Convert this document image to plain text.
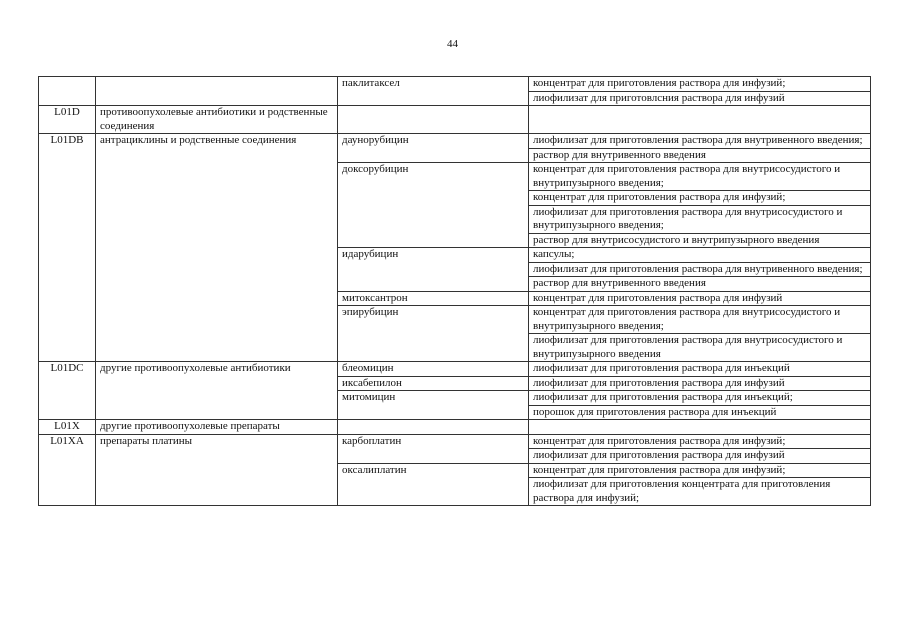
44
		паклитаксел	концентрат для приготовления раствора для инфузий;
			лиофилизат для приготовлсния раствора для инфузий
L01D	противоопухолевые антибиотики и родственные соединения		
L01DB	антрациклины и родственные соединения	даунорубицин	лиофилизат для приготовления раствора для внутривенного введения;
			раствор для внутривенного введения
		доксорубицин	концентрат для приготовления раствора для внутрисосудистого и внутрипузырного введения;
			концентрат для приготовления раствора для инфузий;
			лиофилизат для приготовления раствора для внутрисосудистого и внутрипузырного введения;
			раствор для внутрисосудистого и внутрипузырного введения
		идарубицин	капсулы;
			лиофилизат для приготовления раствора для внутривенного введения;
			раствор для внутривенного введения
		митоксантрон	концентрат для приготовления раствора для инфузий
		эпирубицин	концентрат для приготовления раствора для внутрисосудистого и внутрипузырного введения;
			лиофилизат для приготовления раствора для внутрисосудистого и внутрипузырного введения
L01DC	другие противоопухолевые антибиотики	блеомицин	лиофилизат для приготовления раствора для инъекций
		иксабепилон	лиофилизат для приготовления раствора для инфузий
		митомицин	лиофилизат для приготовления раствора для инъекций;
			порошок для приготовления раствора для инъекций
L01X	другие противоопухолевые препараты		
L01XA	препараты платины	карбоплатин	концентрат для приготовления раствора для инфузий;
			лиофилизат для приготовления раствора для инфузий
		оксалиплатин	концентрат для приготовления раствора для инфузий;
			лиофилизат для приготовления концентрата для приготовления раствора для инфузий;
